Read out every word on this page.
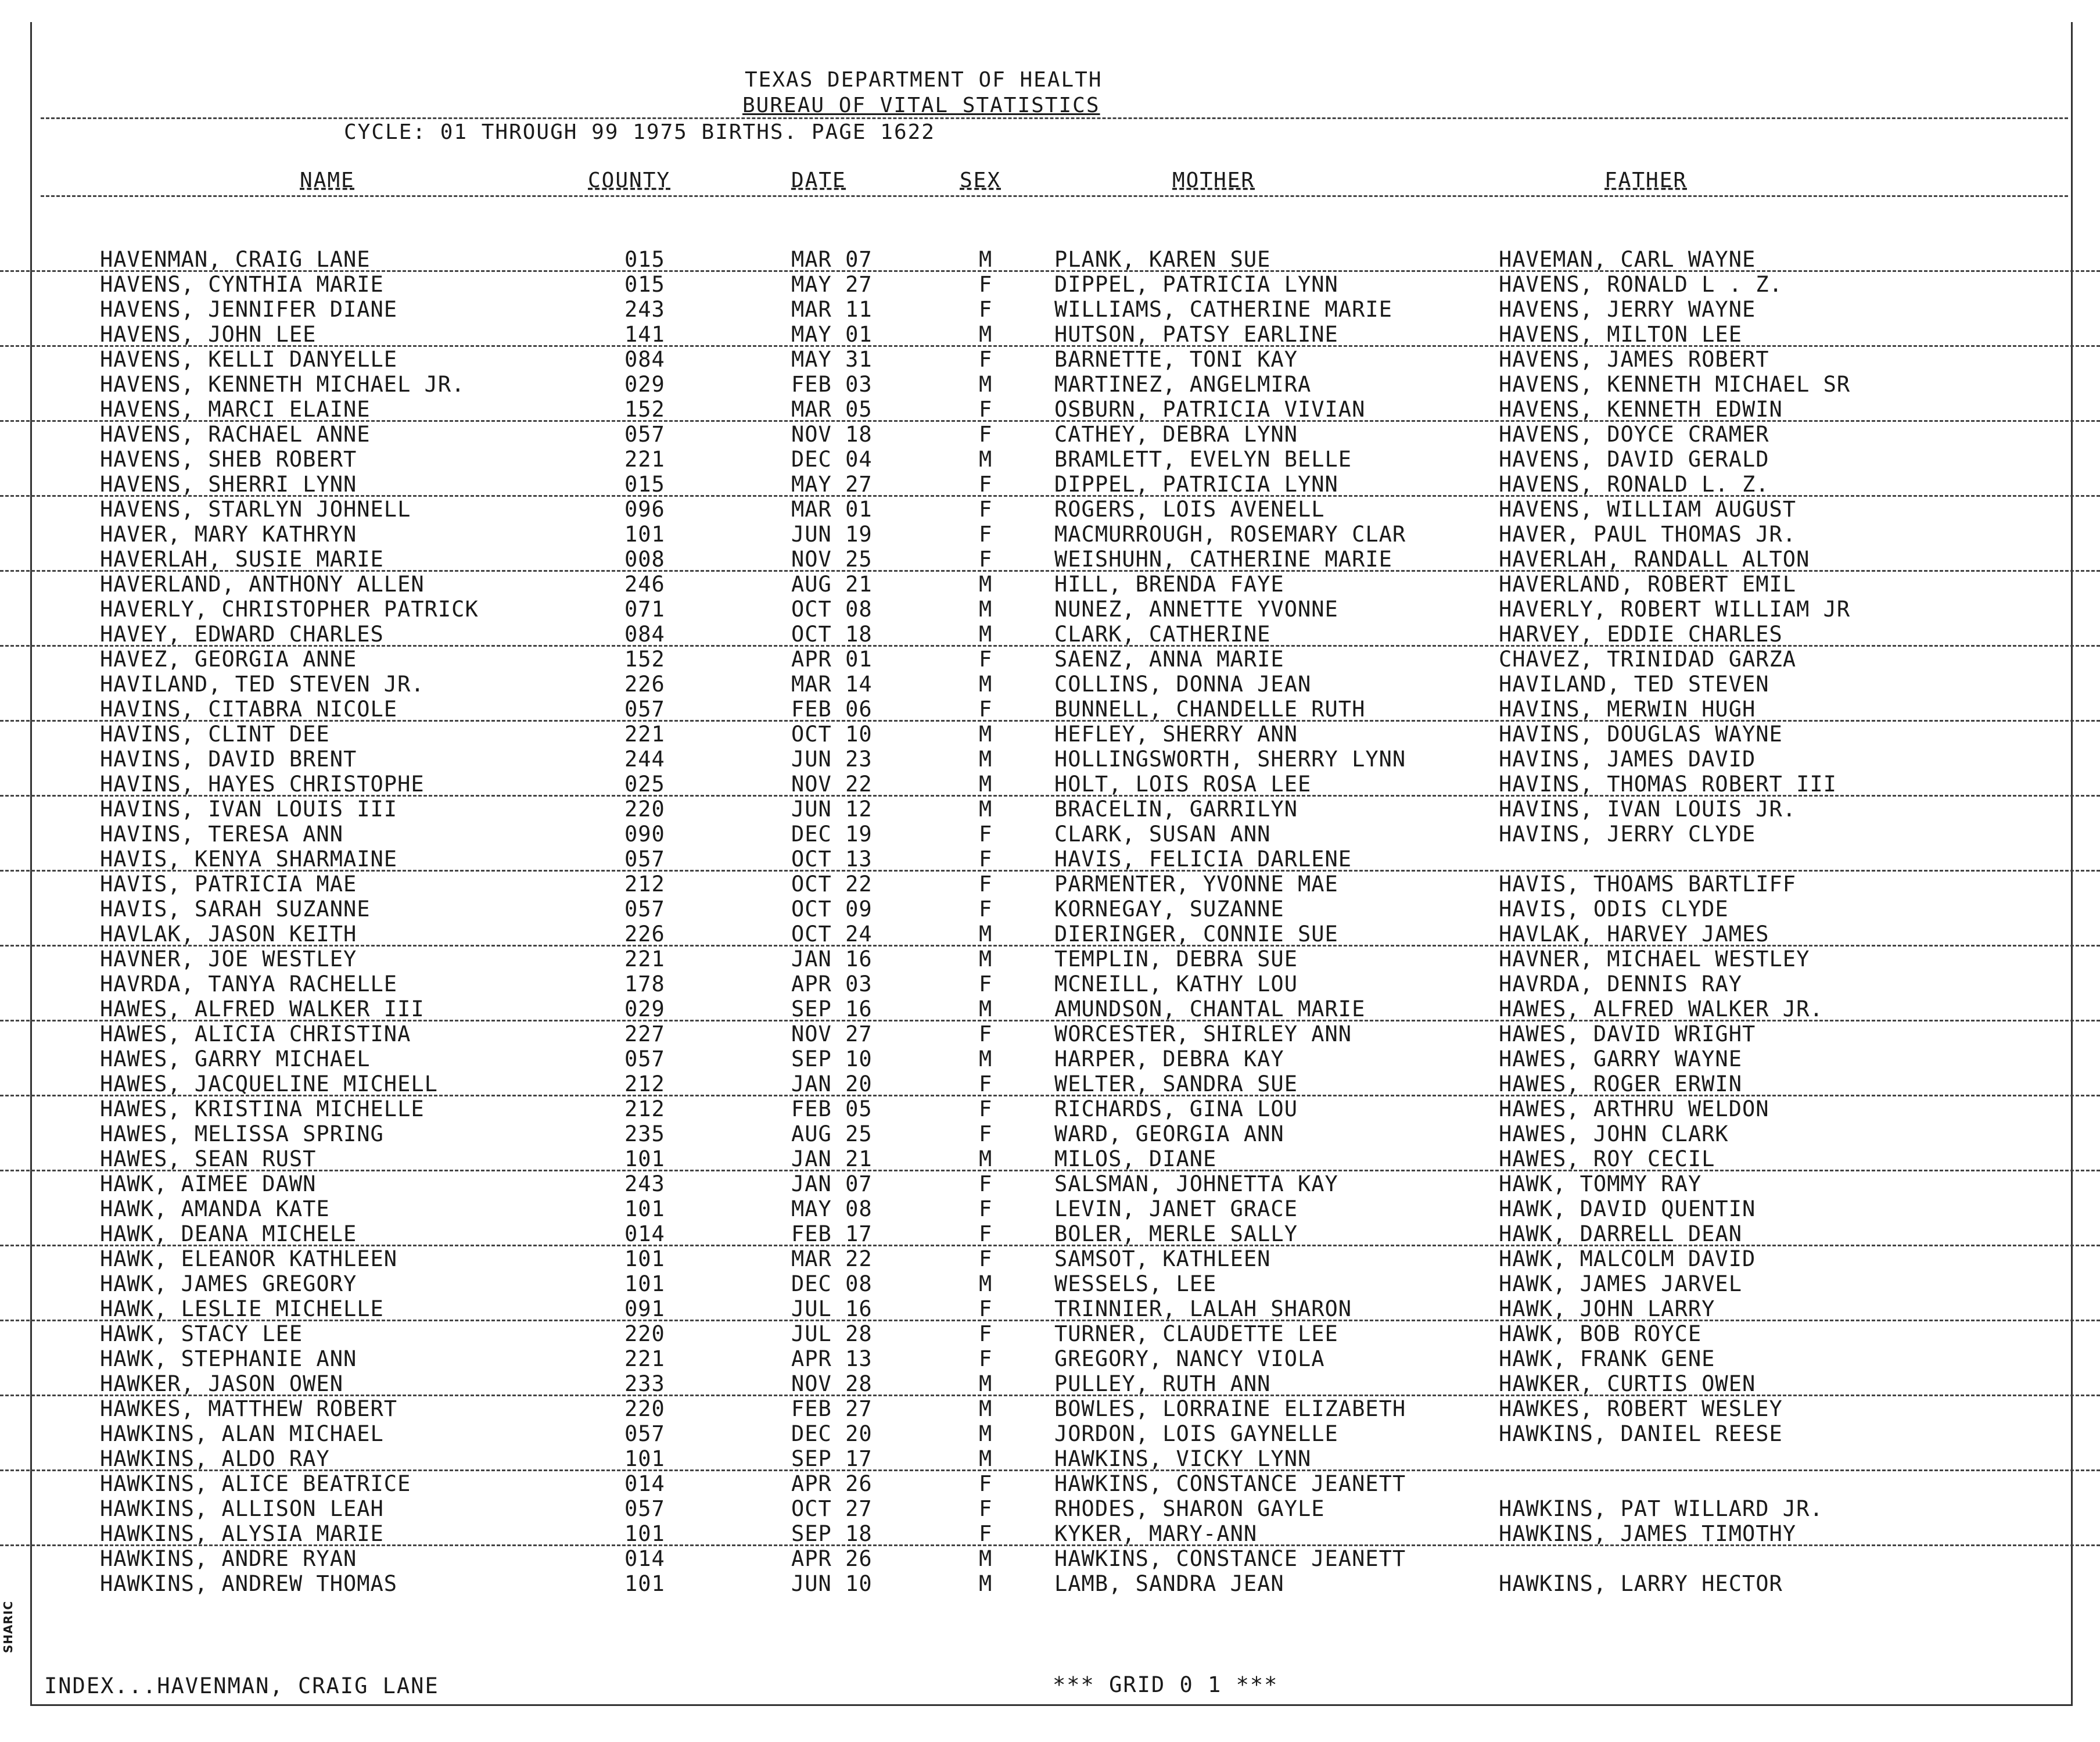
TEXAS DEPARTMENT OF HEALTH
BUREAU OF VITAL STATISTICS
CYCLE: 01 THROUGH 99 1975 BIRTHS. PAGE 1622
NAME	COUNTY	DATE	SEX	MOTHER	FATHER
HAVENMAN, CRAIG LANE	015	MAR 07	M	PLANK, KAREN SUE	HAVEMAN, CARL WAYNE
HAVENS, CYNTHIA MARIE	015	MAY 27	F	DIPPEL, PATRICIA LYNN	HAVENS, RONALD L . Z.
HAVENS, JENNIFER DIANE	243	MAR 11	F	WILLIAMS, CATHERINE MARIE	HAVENS, JERRY WAYNE
HAVENS, JOHN LEE	141	MAY 01	M	HUTSON, PATSY EARLINE	HAVENS, MILTON LEE
HAVENS, KELLI DANYELLE	084	MAY 31	F	BARNETTE, TONI KAY	HAVENS, JAMES ROBERT
HAVENS, KENNETH MICHAEL JR.	029	FEB 03	M	MARTINEZ, ANGELMIRA	HAVENS, KENNETH MICHAEL SR
HAVENS, MARCI ELAINE	152	MAR 05	F	OSBURN, PATRICIA VIVIAN	HAVENS, KENNETH EDWIN
HAVENS, RACHAEL ANNE	057	NOV 18	F	CATHEY, DEBRA LYNN	HAVENS, DOYCE CRAMER
HAVENS, SHEB ROBERT	221	DEC 04	M	BRAMLETT, EVELYN BELLE	HAVENS, DAVID GERALD
HAVENS, SHERRI LYNN	015	MAY 27	F	DIPPEL, PATRICIA LYNN	HAVENS, RONALD L. Z.
HAVENS, STARLYN JOHNELL	096	MAR 01	F	ROGERS, LOIS AVENELL	HAVENS, WILLIAM AUGUST
HAVER, MARY KATHRYN	101	JUN 19	F	MACMURROUGH, ROSEMARY CLAR	HAVER, PAUL THOMAS JR.
HAVERLAH, SUSIE MARIE	008	NOV 25	F	WEISHUHN, CATHERINE MARIE	HAVERLAH, RANDALL ALTON
HAVERLAND, ANTHONY ALLEN	246	AUG 21	M	HILL, BRENDA FAYE	HAVERLAND, ROBERT EMIL
HAVERLY, CHRISTOPHER PATRICK	071	OCT 08	M	NUNEZ, ANNETTE YVONNE	HAVERLY, ROBERT WILLIAM JR
HAVEY, EDWARD CHARLES	084	OCT 18	M	CLARK, CATHERINE	HARVEY, EDDIE CHARLES
HAVEZ, GEORGIA ANNE	152	APR 01	F	SAENZ, ANNA MARIE	CHAVEZ, TRINIDAD GARZA
HAVILAND, TED STEVEN JR.	226	MAR 14	M	COLLINS, DONNA JEAN	HAVILAND, TED STEVEN
HAVINS, CITABRA NICOLE	057	FEB 06	F	BUNNELL, CHANDELLE RUTH	HAVINS, MERWIN HUGH
HAVINS, CLINT DEE	221	OCT 10	M	HEFLEY, SHERRY ANN	HAVINS, DOUGLAS WAYNE
HAVINS, DAVID BRENT	244	JUN 23	M	HOLLINGSWORTH, SHERRY LYNN	HAVINS, JAMES DAVID
HAVINS, HAYES CHRISTOPHE	025	NOV 22	M	HOLT, LOIS ROSA LEE	HAVINS, THOMAS ROBERT III
HAVINS, IVAN LOUIS III	220	JUN 12	M	BRACELIN, GARRILYN	HAVINS, IVAN LOUIS JR.
HAVINS, TERESA ANN	090	DEC 19	F	CLARK, SUSAN ANN	HAVINS, JERRY CLYDE
HAVIS, KENYA SHARMAINE	057	OCT 13	F	HAVIS, FELICIA DARLENE
HAVIS, PATRICIA MAE	212	OCT 22	F	PARMENTER, YVONNE MAE	HAVIS, THOAMS BARTLIFF
HAVIS, SARAH SUZANNE	057	OCT 09	F	KORNEGAY, SUZANNE	HAVIS, ODIS CLYDE
HAVLAK, JASON KEITH	226	OCT 24	M	DIERINGER, CONNIE SUE	HAVLAK, HARVEY JAMES
HAVNER, JOE WESTLEY	221	JAN 16	M	TEMPLIN, DEBRA SUE	HAVNER, MICHAEL WESTLEY
HAVRDA, TANYA RACHELLE	178	APR 03	F	MCNEILL, KATHY LOU	HAVRDA, DENNIS RAY
HAWES, ALFRED WALKER III	029	SEP 16	M	AMUNDSON, CHANTAL MARIE	HAWES, ALFRED WALKER JR.
HAWES, ALICIA CHRISTINA	227	NOV 27	F	WORCESTER, SHIRLEY ANN	HAWES, DAVID WRIGHT
HAWES, GARRY MICHAEL	057	SEP 10	M	HARPER, DEBRA KAY	HAWES, GARRY WAYNE
HAWES, JACQUELINE MICHELL	212	JAN 20	F	WELTER, SANDRA SUE	HAWES, ROGER ERWIN
HAWES, KRISTINA MICHELLE	212	FEB 05	F	RICHARDS, GINA LOU	HAWES, ARTHRU WELDON
HAWES, MELISSA SPRING	235	AUG 25	F	WARD, GEORGIA ANN	HAWES, JOHN CLARK
HAWES, SEAN RUST	101	JAN 21	M	MILOS, DIANE	HAWES, ROY CECIL
HAWK, AIMEE DAWN	243	JAN 07	F	SALSMAN, JOHNETTA KAY	HAWK, TOMMY RAY
HAWK, AMANDA KATE	101	MAY 08	F	LEVIN, JANET GRACE	HAWK, DAVID QUENTIN
HAWK, DEANA MICHELE	014	FEB 17	F	BOLER, MERLE SALLY	HAWK, DARRELL DEAN
HAWK, ELEANOR KATHLEEN	101	MAR 22	F	SAMSOT, KATHLEEN	HAWK, MALCOLM DAVID
HAWK, JAMES GREGORY	101	DEC 08	M	WESSELS, LEE	HAWK, JAMES JARVEL
HAWK, LESLIE MICHELLE	091	JUL 16	F	TRINNIER, LALAH SHARON	HAWK, JOHN LARRY
HAWK, STACY LEE	220	JUL 28	F	TURNER, CLAUDETTE LEE	HAWK, BOB ROYCE
HAWK, STEPHANIE ANN	221	APR 13	F	GREGORY, NANCY VIOLA	HAWK, FRANK GENE
HAWKER, JASON OWEN	233	NOV 28	M	PULLEY, RUTH ANN	HAWKER, CURTIS OWEN
HAWKES, MATTHEW ROBERT	220	FEB 27	M	BOWLES, LORRAINE ELIZABETH	HAWKES, ROBERT WESLEY
HAWKINS, ALAN MICHAEL	057	DEC 20	M	JORDON, LOIS GAYNELLE	HAWKINS, DANIEL REESE
HAWKINS, ALDO RAY	101	SEP 17	M	HAWKINS, VICKY LYNN
HAWKINS, ALICE BEATRICE	014	APR 26	F	HAWKINS, CONSTANCE JEANETT
HAWKINS, ALLISON LEAH	057	OCT 27	F	RHODES, SHARON GAYLE	HAWKINS, PAT WILLARD JR.
HAWKINS, ALYSIA MARIE	101	SEP 18	F	KYKER, MARY-ANN	HAWKINS, JAMES TIMOTHY
HAWKINS, ANDRE RYAN	014	APR 26	M	HAWKINS, CONSTANCE JEANETT
HAWKINS, ANDREW THOMAS	101	JUN 10	M	LAMB, SANDRA JEAN	HAWKINS, LARRY HECTOR
INDEX...HAVENMAN, CRAIG LANE	*** GRID 0 1 ***
SHARIC
